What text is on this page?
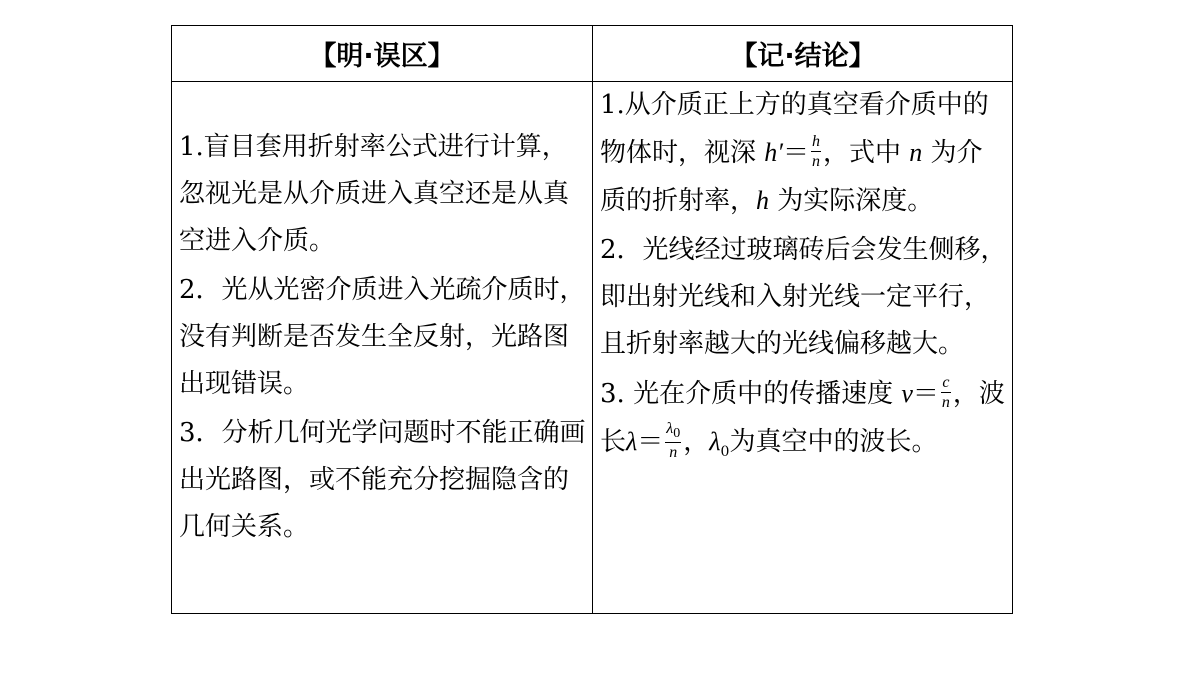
【明·误区】	【记·结论】

1.盲目套用折射率公式进行计算，忽视光是从介质进入真空还是从真空进入介质。

2．光从光密介质进入光疏介质时，没有判断是否发生全反射，光路图出现错误。

3．分析几何光学问题时不能正确画出光路图，或不能充分挖掘隐含的几何关系。

1.从介质正上方的真空看介质中的物体时，视深 $h'= \frac{h}{n}$ ，式中 n 为介质的折射率，h 为实际深度。

2．光线经过玻璃砖后会发生侧移，即出射光线和入射光线一定平行，且折射率越大的光线偏移越大。

3. 光在介质中的传播速度 $v= \frac{c}{n}$ ，波长$\lambda= \frac{\lambda_0}{n}$ ，$\lambda_0$为真空中的波长。
